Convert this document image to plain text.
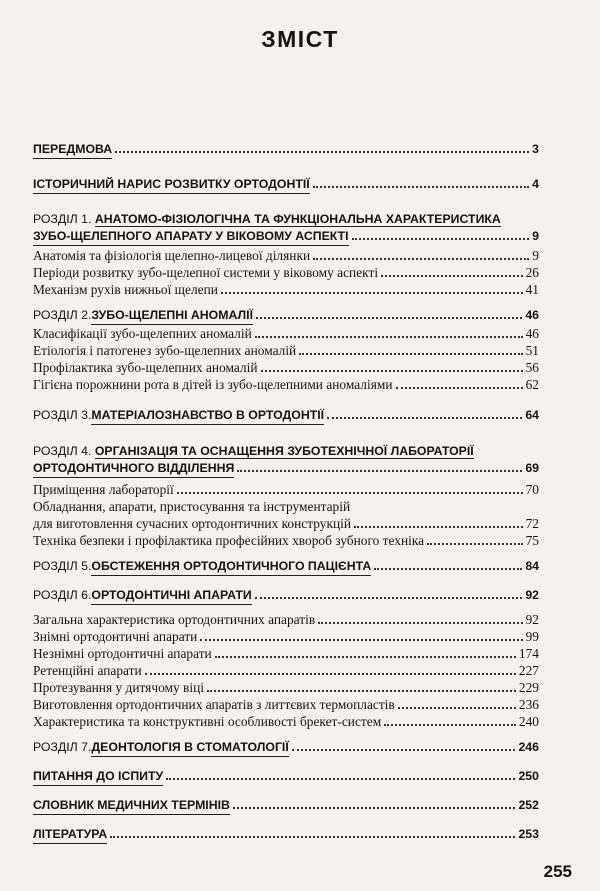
ЗМІСТ
ПЕРЕДМОВА	3
ІСТОРИЧНИЙ НАРИС РОЗВИТКУ ОРТОДОНТІЇ	4
РОЗДІЛ 1. АНАТОМО-ФІЗІОЛОГІЧНА ТА ФУНКЦІОНАЛЬНА ХАРАКТЕРИСТИКА
ЗУБО-ЩЕЛЕПНОГО АПАРАТУ У ВІКОВОМУ АСПЕКТІ	9
Анатомія та фізіологія щелепно-лицевої ділянки	9
Періоди розвитку зубо-щелепної системи у віковому аспекті	26
Механізм рухів нижньої щелепи	41
РОЗДІЛ 2. ЗУБО-ЩЕЛЕПНІ АНОМАЛІЇ	46
Класифікації зубо-щелепних аномалій	46
Етіологія і патогенез зубо-щелепних аномалій	51
Профілактика зубо-щелепних аномалій	56
Гігієна порожнини рота в дітей із зубо-щелепними аномаліями	62
РОЗДІЛ 3. МАТЕРІАЛОЗНАВСТВО В ОРТОДОНТІЇ	64
РОЗДІЛ 4. ОРГАНІЗАЦІЯ ТА ОСНАЩЕННЯ ЗУБОТЕХНІЧНОЇ ЛАБОРАТОРІЇ
ОРТОДОНТИЧНОГО ВІДДІЛЕННЯ	69
Приміщення лабораторії	70
Обладнання, апарати, пристосування та інструментарій
для виготовлення сучасних ортодонтичних конструкцій	72
Техніка безпеки і профілактика професійних хвороб зубного техніка	75
РОЗДІЛ 5. ОБСТЕЖЕННЯ ОРТОДОНТИЧНОГО ПАЦІЄНТА	84
РОЗДІЛ 6. ОРТОДОНТИЧНІ АПАРАТИ	92
Загальна характеристика ортодонтичних апаратів	92
Знімні ортодонтичні апарати	99
Незнімні ортодонтичні апарати	174
Ретенційні апарати	227
Протезування у дитячому віці	229
Виготовлення ортодонтичних апаратів з литтєвих термопластів	236
Характеристика та конструктивні особливості брекет-систем	240
РОЗДІЛ 7. ДЕОНТОЛОГІЯ В СТОМАТОЛОГІЇ	246
ПИТАННЯ ДО ІСПИТУ	250
СЛОВНИК МЕДИЧНИХ ТЕРМІНІВ	252
ЛІТЕРАТУРА	253
255
